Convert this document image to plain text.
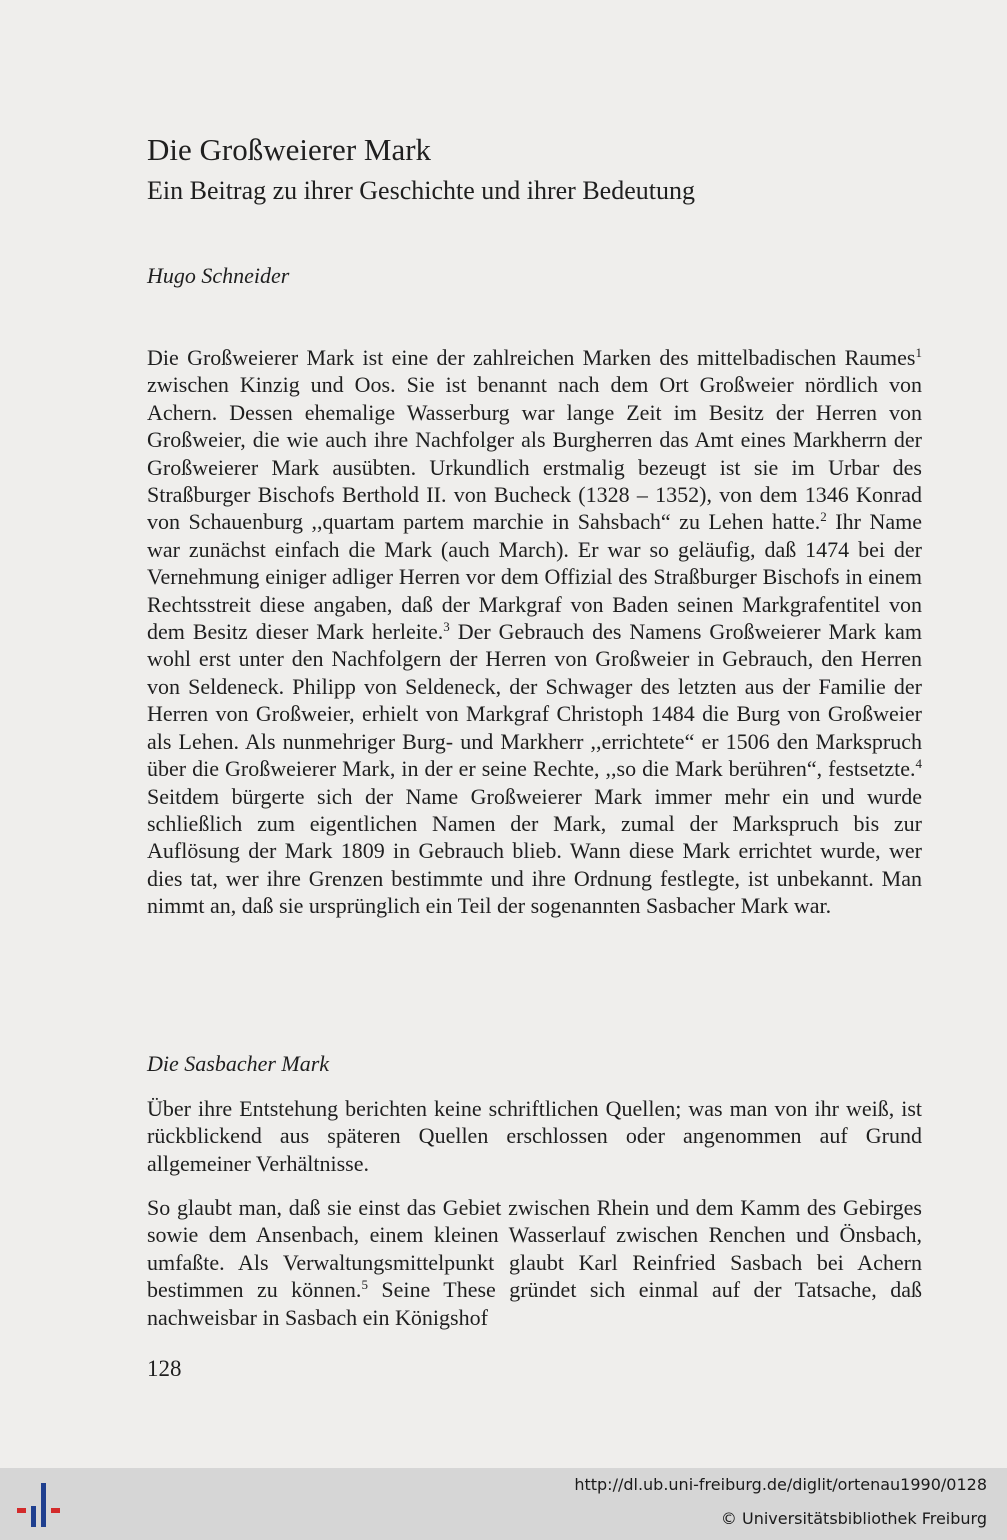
Die Großweierer Mark
Ein Beitrag zu ihrer Geschichte und ihrer Bedeutung
Hugo Schneider

Die Großweierer Mark ist eine der zahlreichen Marken des mittelbadischen Raumes$^1$ zwischen Kinzig und Oos. Sie ist benannt nach dem Ort Großweier nördlich von Achern. Dessen ehemalige Wasserburg war lange Zeit im Besitz der Herren von Großweier, die wie auch ihre Nachfolger als Burgherren das Amt eines Markherrn der Großweierer Mark ausübten. Urkundlich erstmalig bezeugt ist sie im Urbar des Straßburger Bischofs Berthold II. von Bucheck (1328 – 1352), von dem 1346 Konrad von Schauenburg ,,quartam partem marchie in Sahsbach“ zu Lehen hatte.$^2$ Ihr Name war zunächst einfach die Mark (auch March). Er war so geläufig, daß 1474 bei der Vernehmung einiger adliger Herren vor dem Offizial des Straßburger Bischofs in einem Rechtsstreit diese angaben, daß der Markgraf von Baden seinen Markgrafentitel von dem Besitz dieser Mark herleite.$^3$ Der Gebrauch des Namens Großweierer Mark kam wohl erst unter den Nachfolgern der Herren von Großweier in Gebrauch, den Herren von Seldeneck. Philipp von Seldeneck, der Schwager des letzten aus der Familie der Herren von Großweier, erhielt von Markgraf Christoph 1484 die Burg von Großweier als Lehen. Als nunmehriger Burg- und Markherr ,,errichtete“ er 1506 den Markspruch über die Großweierer Mark, in der er seine Rechte, ,,so die Mark berühren“, festsetzte.$^4$ Seitdem bürgerte sich der Name Großweierer Mark immer mehr ein und wurde schließlich zum eigentlichen Namen der Mark, zumal der Markspruch bis zur Auflösung der Mark 1809 in Gebrauch blieb. Wann diese Mark errichtet wurde, wer dies tat, wer ihre Grenzen bestimmte und ihre Ordnung festlegte, ist unbekannt. Man nimmt an, daß sie ursprünglich ein Teil der sogenannten Sasbacher Mark war.

Die Sasbacher Mark

Über ihre Entstehung berichten keine schriftlichen Quellen; was man von ihr weiß, ist rückblickend aus späteren Quellen erschlossen oder angenommen auf Grund allgemeiner Verhältnisse.

So glaubt man, daß sie einst das Gebiet zwischen Rhein und dem Kamm des Gebirges sowie dem Ansenbach, einem kleinen Wasserlauf zwischen Renchen und Önsbach, umfaßte. Als Verwaltungsmittelpunkt glaubt Karl Reinfried Sasbach bei Achern bestimmen zu können.$^5$ Seine These gründet sich einmal auf der Tatsache, daß nachweisbar in Sasbach ein Königshof

128
http://dl.ub.uni-freiburg.de/diglit/ortenau1990/0128
© Universitätsbibliothek Freiburg
